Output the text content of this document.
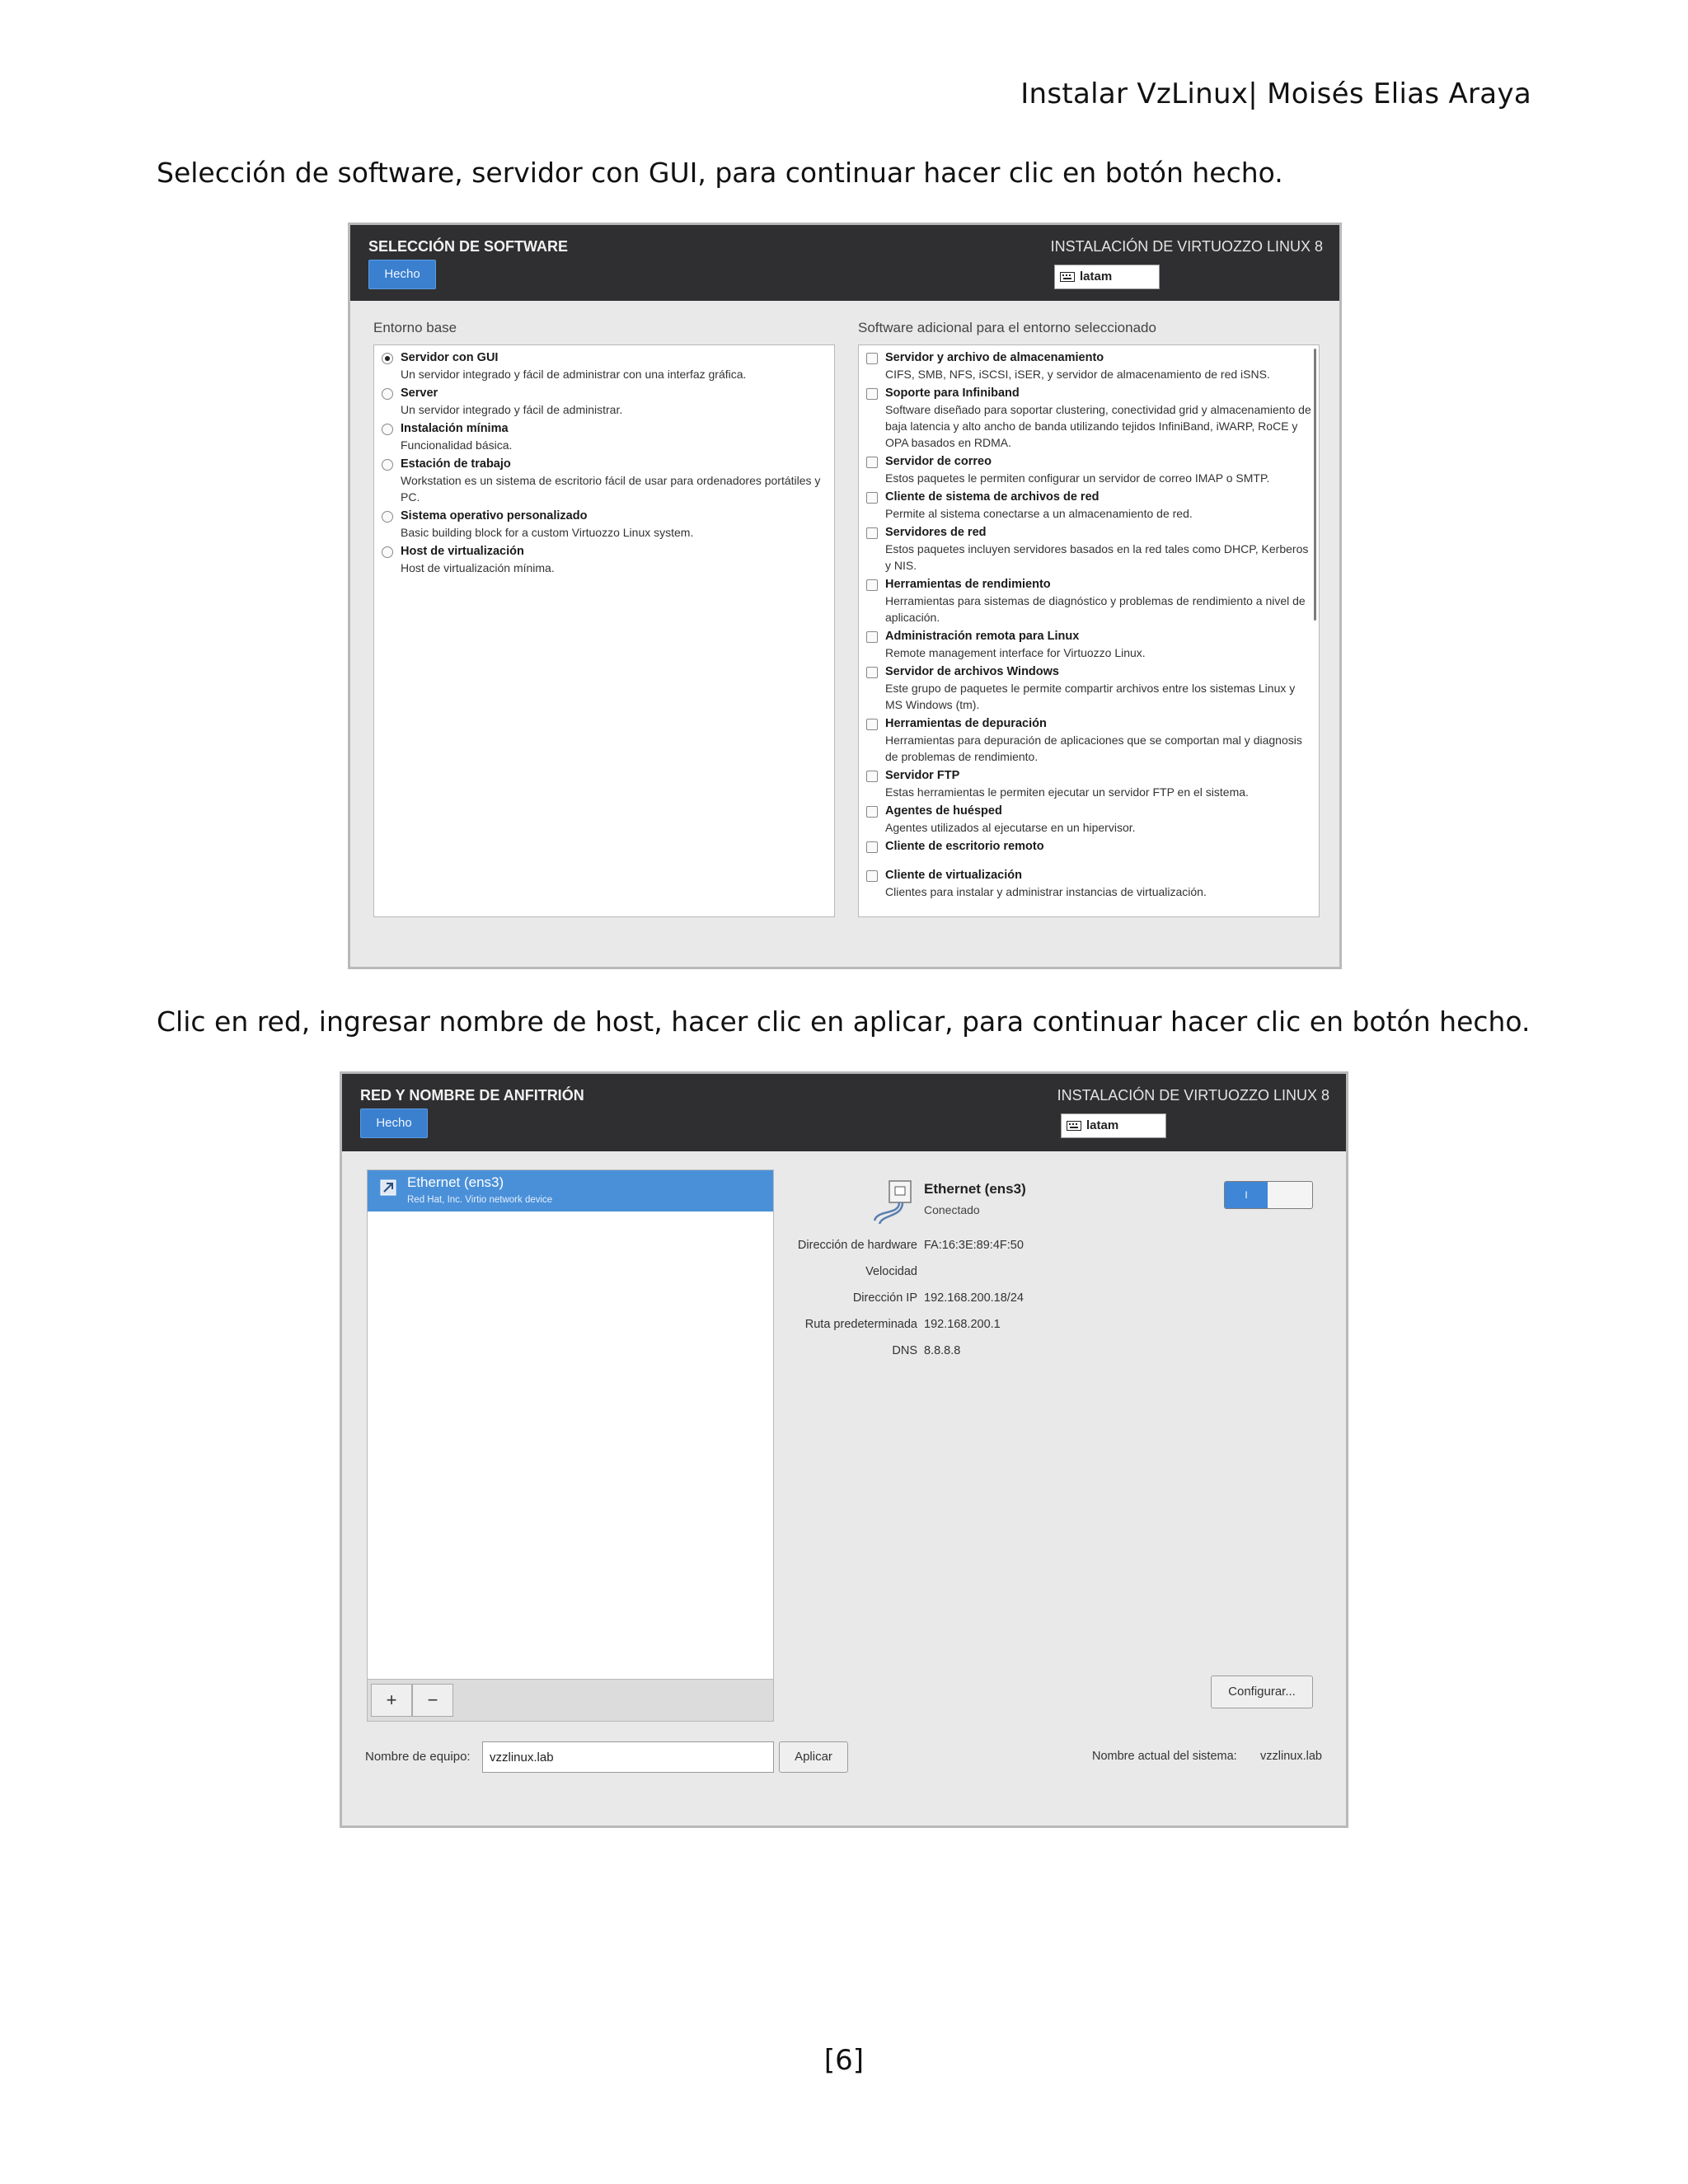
Instalar VzLinux| Moisés Elias Araya
Selección de software, servidor con GUI, para continuar hacer clic en botón hecho.
SELECCIÓN DE SOFTWARE
Hecho
INSTALACIÓN DE VIRTUOZZO LINUX 8
latam
Entorno base	Software adicional para el entorno seleccionado
Servidor con GUI
Un servidor integrado y fácil de administrar con una interfaz gráfica.
Server
Un servidor integrado y fácil de administrar.
Instalación mínima
Funcionalidad básica.
Estación de trabajo
Workstation es un sistema de escritorio fácil de usar para ordenadores portátiles y PC.
Sistema operativo personalizado
Basic building block for a custom Virtuozzo Linux system.
Host de virtualización
Host de virtualización mínima.
Servidor y archivo de almacenamiento
CIFS, SMB, NFS, iSCSI, iSER, y servidor de almacenamiento de red iSNS.
Soporte para Infiniband
Software diseñado para soportar clustering, conectividad grid y almacenamiento de baja latencia y alto ancho de banda utilizando tejidos InfiniBand, iWARP, RoCE y OPA basados en RDMA.
Servidor de correo
Estos paquetes le permiten configurar un servidor de correo IMAP o SMTP.
Cliente de sistema de archivos de red
Permite al sistema conectarse a un almacenamiento de red.
Servidores de red
Estos paquetes incluyen servidores basados en la red tales como DHCP, Kerberos y NIS.
Herramientas de rendimiento
Herramientas para sistemas de diagnóstico y problemas de rendimiento a nivel de aplicación.
Administración remota para Linux
Remote management interface for Virtuozzo Linux.
Servidor de archivos Windows
Este grupo de paquetes le permite compartir archivos entre los sistemas Linux y MS Windows (tm).
Herramientas de depuración
Herramientas para depuración de aplicaciones que se comportan mal y diagnosis de problemas de rendimiento.
Servidor FTP
Estas herramientas le permiten ejecutar un servidor FTP en el sistema.
Agentes de huésped
Agentes utilizados al ejecutarse en un hipervisor.
Cliente de escritorio remoto
Cliente de virtualización
Clientes para instalar y administrar instancias de virtualización.
Clic en red, ingresar nombre de host, hacer clic en aplicar, para continuar hacer clic en botón hecho.
RED Y NOMBRE DE ANFITRIÓN
Hecho
INSTALACIÓN DE VIRTUOZZO LINUX 8
latam
Ethernet (ens3)
Red Hat, Inc. Virtio network device
+	−
Ethernet (ens3)
Conectado
I
Dirección de hardware FA:16:3E:89:4F:50
Velocidad
Dirección IP 192.168.200.18/24
Ruta predeterminada 192.168.200.1
DNS 8.8.8.8
Configurar...
Nombre de equipo:
vzzlinux.lab	Aplicar	Nombre actual del sistema: vzzlinux.lab
[6]
